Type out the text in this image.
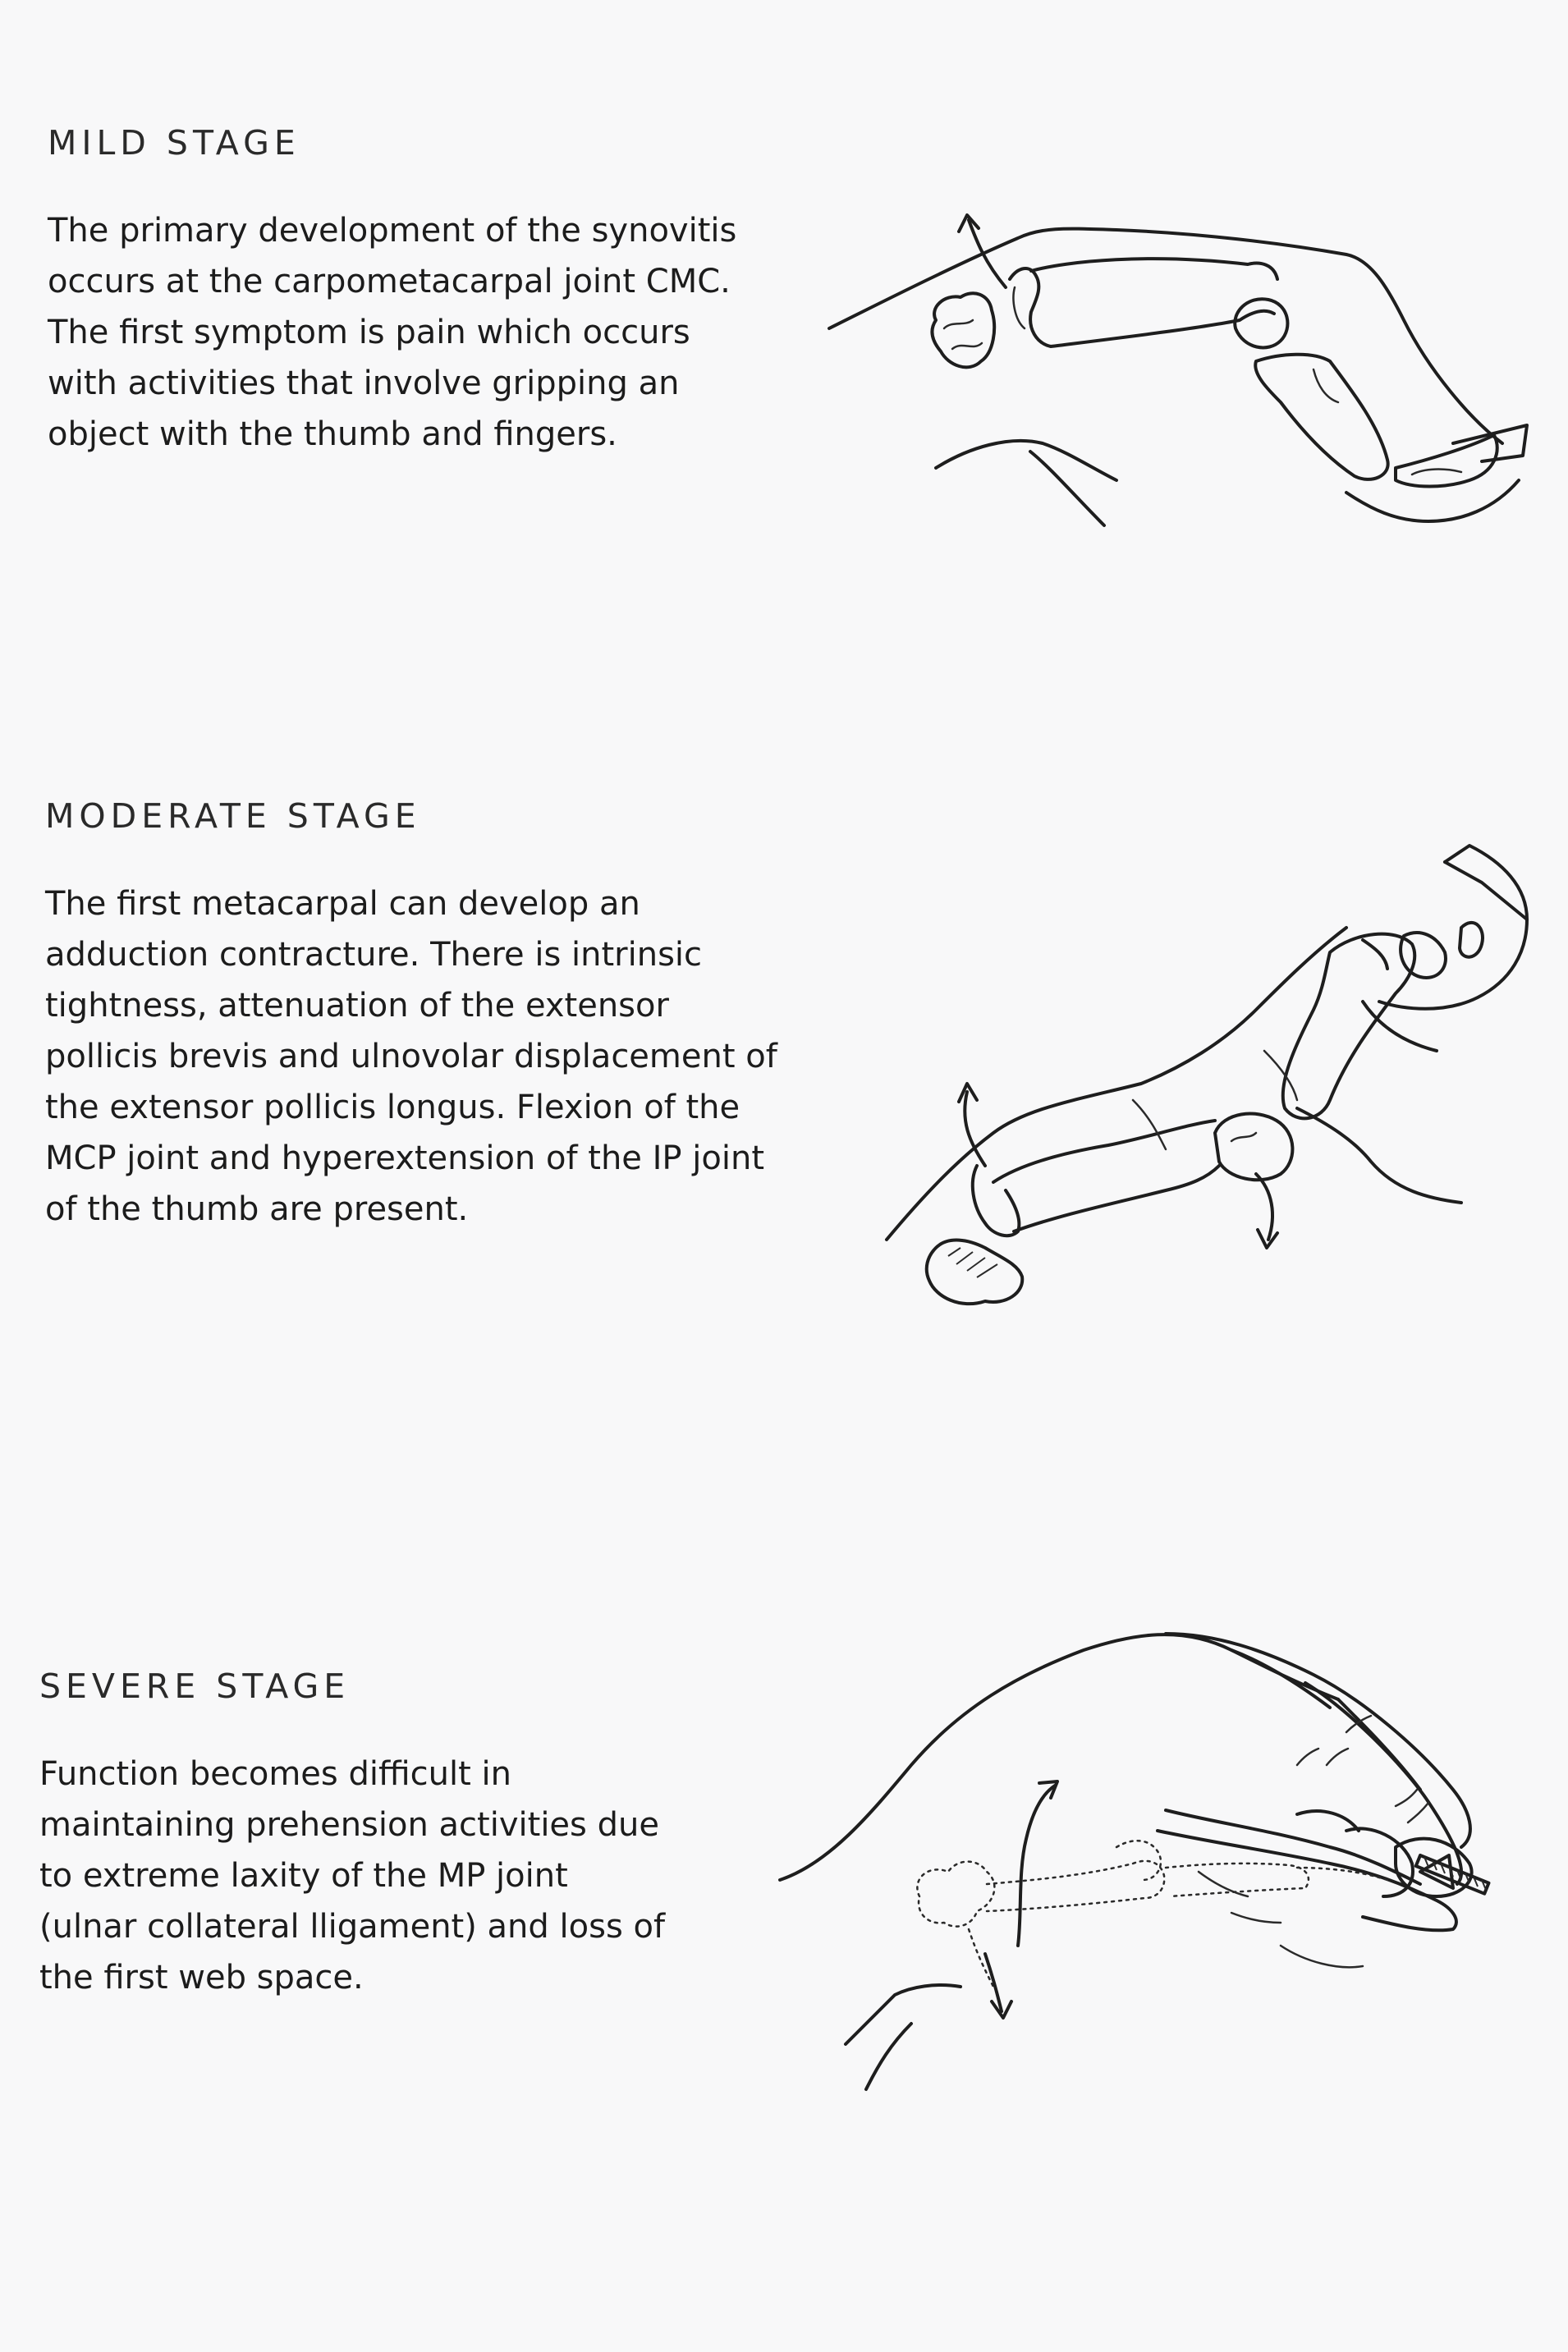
MILD STAGE

The primary development of the synovitis
occurs at the carpometacarpal joint CMC.
The first symptom is pain which occurs
with activities that involve gripping an
object with the thumb and fingers.

MODERATE STAGE

The first metacarpal can develop an
adduction contracture. There is intrinsic
tightness, attenuation of the extensor
pollicis brevis and ulnovolar displacement of
the extensor pollicis longus. Flexion of the
MCP joint and hyperextension of the IP joint
of the thumb are present.

SEVERE STAGE

Function becomes difficult in
maintaining prehension activities due
to extreme laxity of the MP joint
(ulnar collateral lligament) and loss of
the first web space.
